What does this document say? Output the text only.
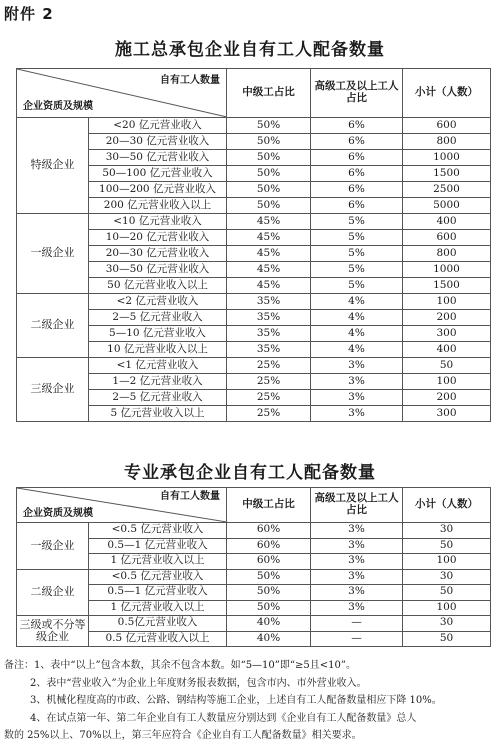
附件 2
施工总承包企业自有工人配备数量
自有工人数量
企业资质及规模		中级工占比	高级工及以上工人占比	小计（人数）
特级企业	<20 亿元营业收入	50%	6%	600
	20—30 亿元营业收入	50%	6%	800
	30—50 亿元营业收入	50%	6%	1000
	50—100 亿元营业收入	50%	6%	1500
	100—200 亿元营业收入	50%	6%	2500
	200 亿元营业收入以上	50%	6%	5000
一级企业	<10 亿元营业收入	45%	5%	400
	10—20 亿元营业收入	45%	5%	600
	20—30 亿元营业收入	45%	5%	800
	30—50 亿元营业收入	45%	5%	1000
	50 亿元营业收入以上	45%	5%	1500
二级企业	<2 亿元营业收入	35%	4%	100
	2—5 亿元营业收入	35%	4%	200
	5—10 亿元营业收入	35%	4%	300
	10 亿元营业收入以上	35%	4%	400
三级企业	<1 亿元营业收入	25%	3%	50
	1—2 亿元营业收入	25%	3%	100
	2—5 亿元营业收入	25%	3%	200
	5 亿元营业收入以上	25%	3%	300
专业承包企业自有工人配备数量
自有工人数量
企业资质及规模		中级工占比	高级工及以上工人占比	小计（人数）
一级企业	<0.5 亿元营业收入	60%	3%	30
	0.5—1 亿元营业收入	60%	3%	50
	1 亿元营业收入以上	60%	3%	100
二级企业	<0.5 亿元营业收入	50%	3%	30
	0.5—1 亿元营业收入	50%	3%	50
	1 亿元营业收入以上	50%	3%	100
三级或不分等级企业	0.5亿元营业收入	40%	—	30
	0.5 亿元营业收入以上	40%	—	50
备注：1、表中“以上”包含本数，其余不包含本数。如“5—10”即“≥5且<10”。
2、表中“营业收入”为企业上年度财务报表数据，包含市内、市外营业收入。
3、机械化程度高的市政、公路、钢结构等施工企业，上述自有工人配备数量相应下降 10%。
4、在试点第一年、第二年企业自有工人数量应分别达到《企业自有工人配备数量》总人
数的 25%以上、70%以上，第三年应符合《企业自有工人配备数量》相关要求。
